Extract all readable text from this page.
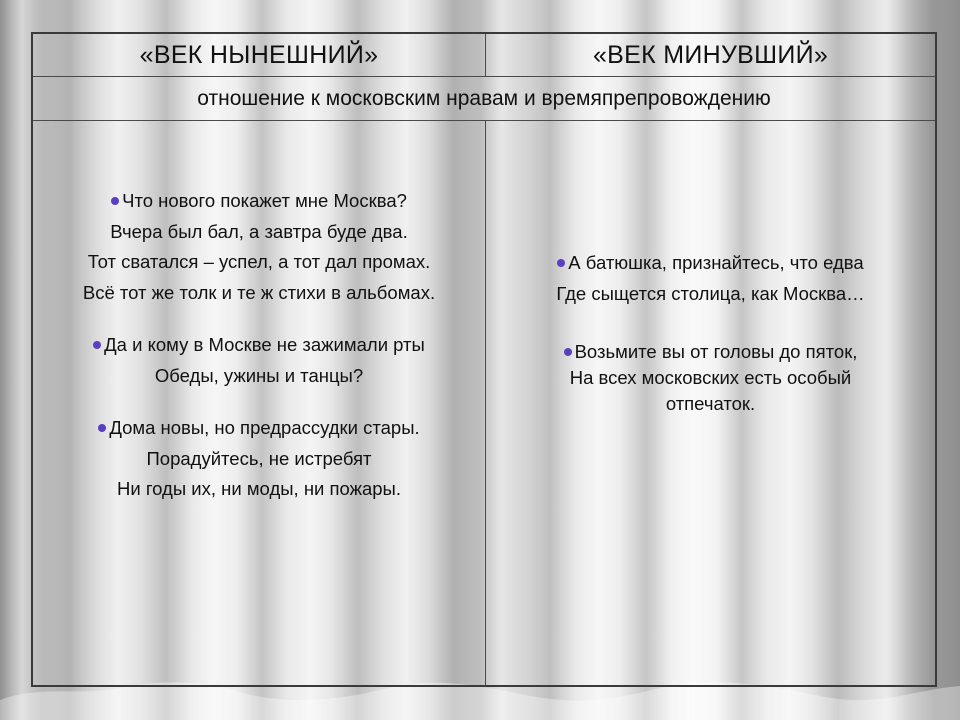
«ВЕК НЫНЕШНИЙ»	«ВЕК МИНУВШИЙ»
отношение к московским нравам и времяпрепровождению

Что нового покажет мне Москва?
Вчера был бал, а завтра буде два.
Тот сватался – успел, а тот дал промах.
Всё тот же толк и те ж стихи в альбомах.

Да и кому в Москве не зажимали рты
Обеды, ужины и танцы?

Дома новы, но предрассудки стары.
Порадуйтесь, не истребят
Ни годы их, ни моды, ни пожары.

А батюшка, признайтесь, что едва
Где сыщется столица, как Москва…

Возьмите вы от головы до пяток,
На всех московских есть особый
отпечаток.
